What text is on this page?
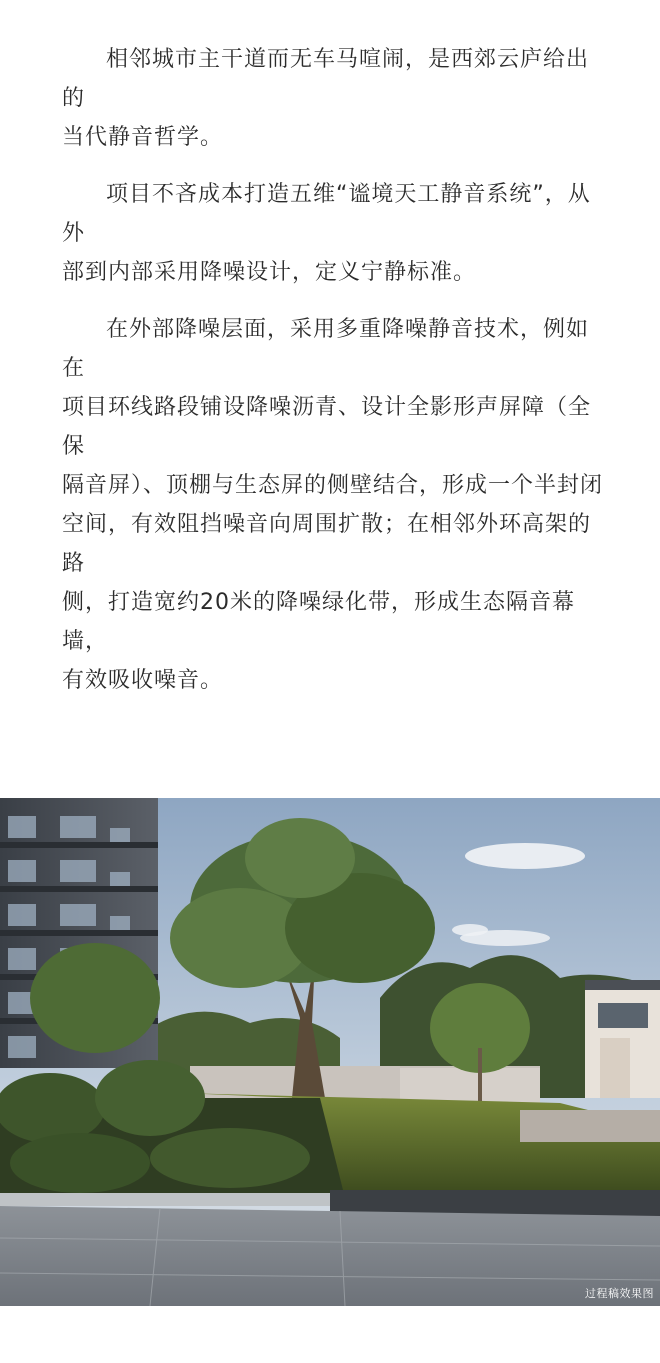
相邻城市主干道而无车马喧闹，是西郊云庐给出的
当代静音哲学。

项目不吝成本打造五维“谧境天工静音系统”，从外
部到内部采用降噪设计，定义宁静标准。

在外部降噪层面，采用多重降噪静音技术，例如在
项目环线路段铺设降噪沥青、设计全影形声屏障（全保
隔音屏）、顶棚与生态屏的侧壁结合，形成一个半封闭
空间，有效阻挡噪音向周围扩散；在相邻外环高架的路
侧，打造宽约20米的降噪绿化带，形成生态隔音幕墙，
有效吸收噪音。

过程稿效果图
